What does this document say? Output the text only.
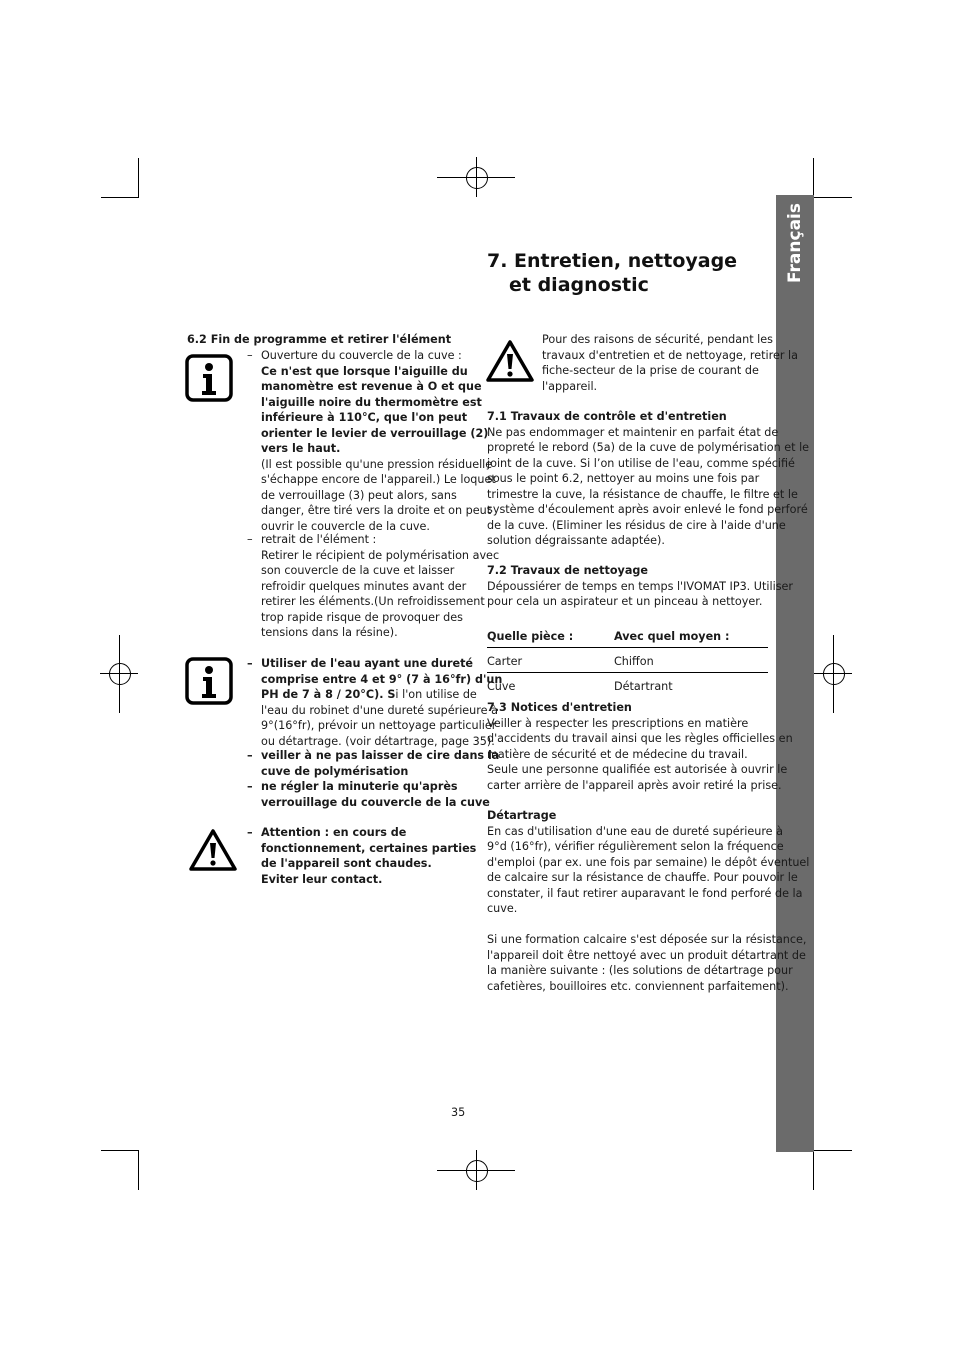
Français
7. Entretien, nettoyage
et diagnostic
6.2 Fin de programme et retirer l'élément
– Ouverture du couvercle de la cuve :
Ce n'est que lorsque l'aiguille du
manomètre est revenue à O et que
l'aiguille noire du thermomètre est
inférieure à 110°C, que l'on peut
orienter le levier de verrouillage (2)
vers le haut.
(Il est possible qu'une pression résiduelle
s'échappe encore de l'appareil.) Le loquet
de verrouillage (3) peut alors, sans
danger, être tiré vers la droite et on peut
ouvrir le couvercle de la cuve.
– retrait de l'élément :
Retirer le récipient de polymérisation avec
son couvercle de la cuve et laisser
refroidir quelques minutes avant der
retirer les éléments.(Un refroidissement
trop rapide risque de provoquer des
tensions dans la résine).
– Utiliser de l'eau ayant une dureté
comprise entre 4 et 9° (7 à 16°fr) d'un
PH de 7 à 8 / 20°C). Si l'on utilise de
l'eau du robinet d'une dureté supérieure à
9°(16°fr), prévoir un nettoyage particulier
ou détartrage. (voir détartrage, page 35).
– veiller à ne pas laisser de cire dans la
cuve de polymérisation
– ne régler la minuterie qu'après
verrouillage du couvercle de la cuve
– Attention : en cours de
fonctionnement, certaines parties
de l'appareil sont chaudes.
Eviter leur contact.
Pour des raisons de sécurité, pendant les
travaux d'entretien et de nettoyage, retirer la
fiche-secteur de la prise de courant de
l'appareil.
7.1 Travaux de contrôle et d'entretien
Ne pas endommager et maintenir en parfait état de
propreté le rebord (5a) de la cuve de polymérisation et le
joint de la cuve. Si l’on utilise de l'eau, comme spécifié
sous le point 6.2, nettoyer au moins une fois par
trimestre la cuve, la résistance de chauffe, le filtre et le
système d'écoulement après avoir enlevé le fond perforé
de la cuve. (Eliminer les résidus de cire à l'aide d'une
solution dégraissante adaptée).
7.2 Travaux de nettoyage
Dépoussiérer de temps en temps l'IVOMAT IP3. Utiliser
pour cela un aspirateur et un pinceau à nettoyer.
Quelle pièce :	Avec quel moyen :
Carter	Chiffon
Cuve	Détartrant
7.3 Notices d'entretien
Veiller à respecter les prescriptions en matière
d'accidents du travail ainsi que les règles officielles en
matière de sécurité et de médecine du travail.
Seule une personne qualifiée est autorisée à ouvrir le
carter arrière de l'appareil après avoir retiré la prise.
Détartrage
En cas d'utilisation d'une eau de dureté supérieure à
9°d (16°fr), vérifier régulièrement selon la fréquence
d'emploi (par ex. une fois par semaine) le dépôt éventuel
de calcaire sur la résistance de chauffe. Pour pouvoir le
constater, il faut retirer auparavant le fond perforé de la
cuve.
Si une formation calcaire s'est déposée sur la résistance,
l'appareil doit être nettoyé avec un produit détartrant de
la manière suivante : (les solutions de détartrage pour
cafetières, bouilloires etc. conviennent parfaitement).
35
